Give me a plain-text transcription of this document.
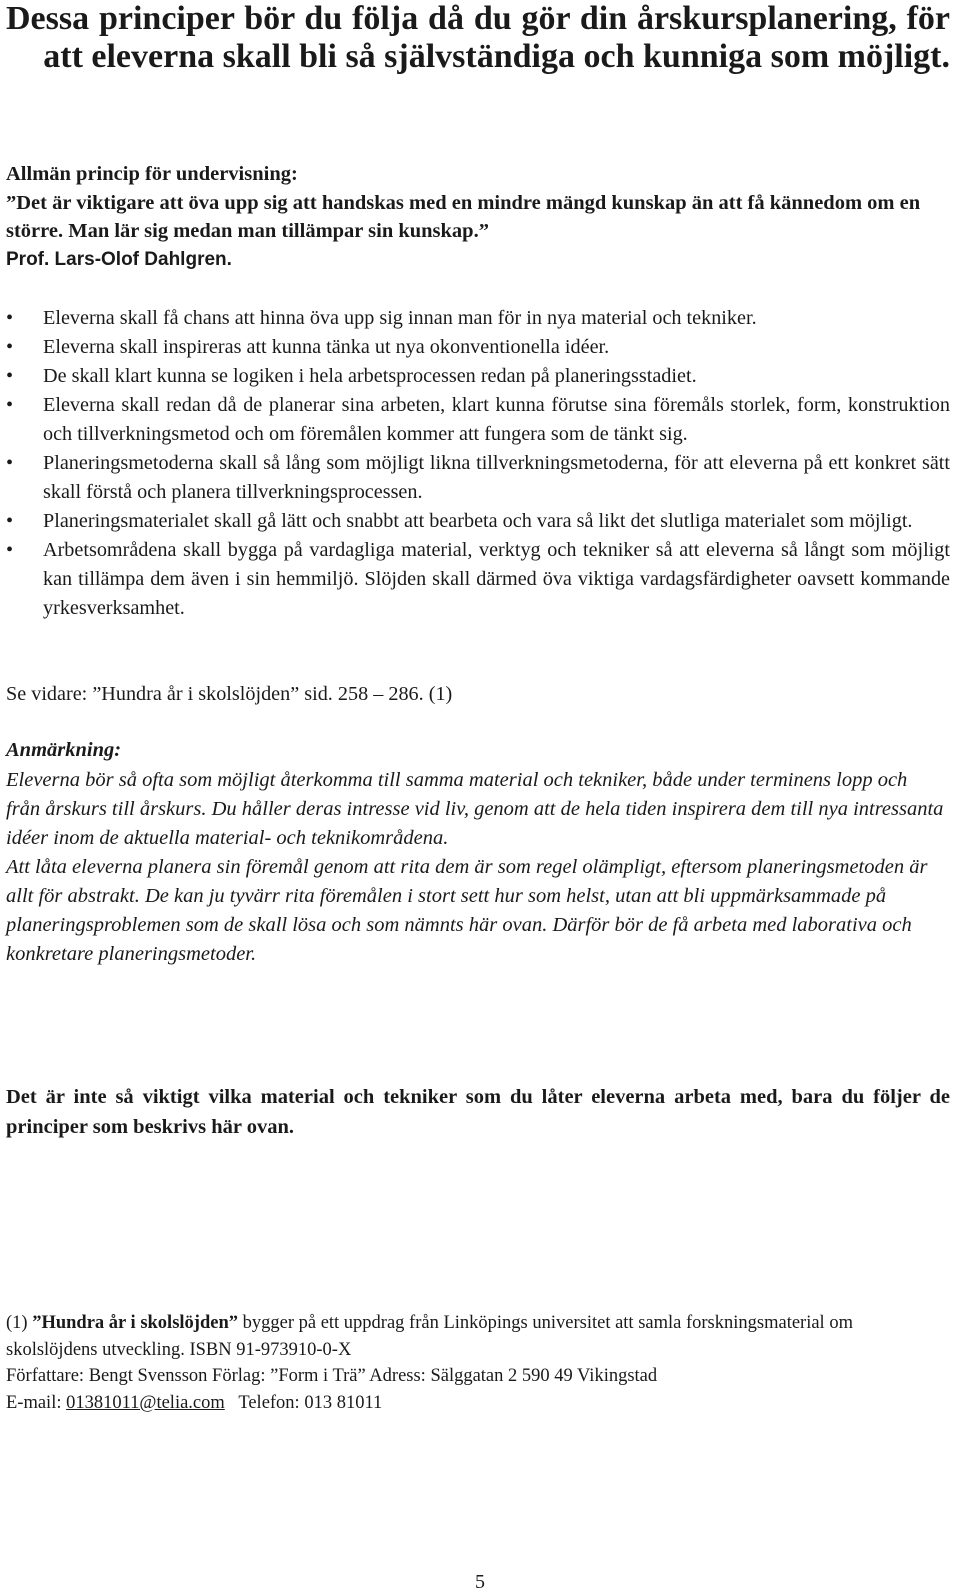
Dessa principer bör du följa då du gör din årskursplanering, för att eleverna skall bli så självständiga och kunniga som möjligt.
Allmän princip för undervisning:
”Det är viktigare att öva upp sig att handskas med en mindre mängd kunskap än att få kännedom om en större. Man lär sig medan man tillämpar sin kunskap.”
Prof. Lars-Olof Dahlgren.
•	Eleverna skall få chans att hinna öva upp sig innan man för in nya material och tekniker.
•	Eleverna skall inspireras att kunna tänka ut nya okonventionella idéer.
•	De skall klart kunna se logiken i hela arbetsprocessen redan på planeringsstadiet.
•	Eleverna skall redan då de planerar sina arbeten, klart kunna förutse sina föremåls storlek, form, konstruktion och tillverkningsmetod och om föremålen kommer att fungera som de tänkt sig.
•	Planeringsmetoderna skall så lång som möjligt likna tillverkningsmetoderna, för att eleverna på ett konkret sätt skall förstå och planera tillverkningsprocessen.
•	Planeringsmaterialet skall gå lätt och snabbt att bearbeta och vara så likt det slutliga materialet som möjligt.
•	Arbetsområdena skall bygga på vardagliga material, verktyg och tekniker så att eleverna så långt som möjligt kan tillämpa dem även i sin hemmiljö. Slöjden skall därmed öva viktiga vardagsfärdigheter oavsett kommande yrkesverksamhet.
Se vidare: ”Hundra år i skolslöjden” sid. 258 – 286. (1)
Anmärkning:

Eleverna bör så ofta som möjligt återkomma till samma material och tekniker, både under terminens lopp och från årskurs till årskurs. Du håller deras intresse vid liv, genom att de hela tiden inspirera dem till nya intressanta idéer inom de aktuella material- och teknikområdena.

Att låta eleverna planera sin föremål genom att rita dem är som regel olämpligt, eftersom planeringsmetoden är allt för abstrakt. De kan ju tyvärr rita föremålen i stort sett hur som helst, utan att bli uppmärksammade på planeringsproblemen som de skall lösa och som nämnts här ovan. Därför bör de få arbeta med laborativa och konkretare planeringsmetoder.

Det är inte så viktigt vilka material och tekniker som du låter eleverna arbeta med, bara du följer de principer som beskrivs här ovan.

(1) ”Hundra år i skolslöjden” bygger på ett uppdrag från Linköpings universitet att samla forskningsmaterial om skolslöjdens utveckling. ISBN 91-973910-0-X

Författare: Bengt Svensson Förlag: ”Form i Trä” Adress: Sälggatan 2 590 49 Vikingstad

E-mail: 01381011@telia.com Telefon: 013 81011

5
